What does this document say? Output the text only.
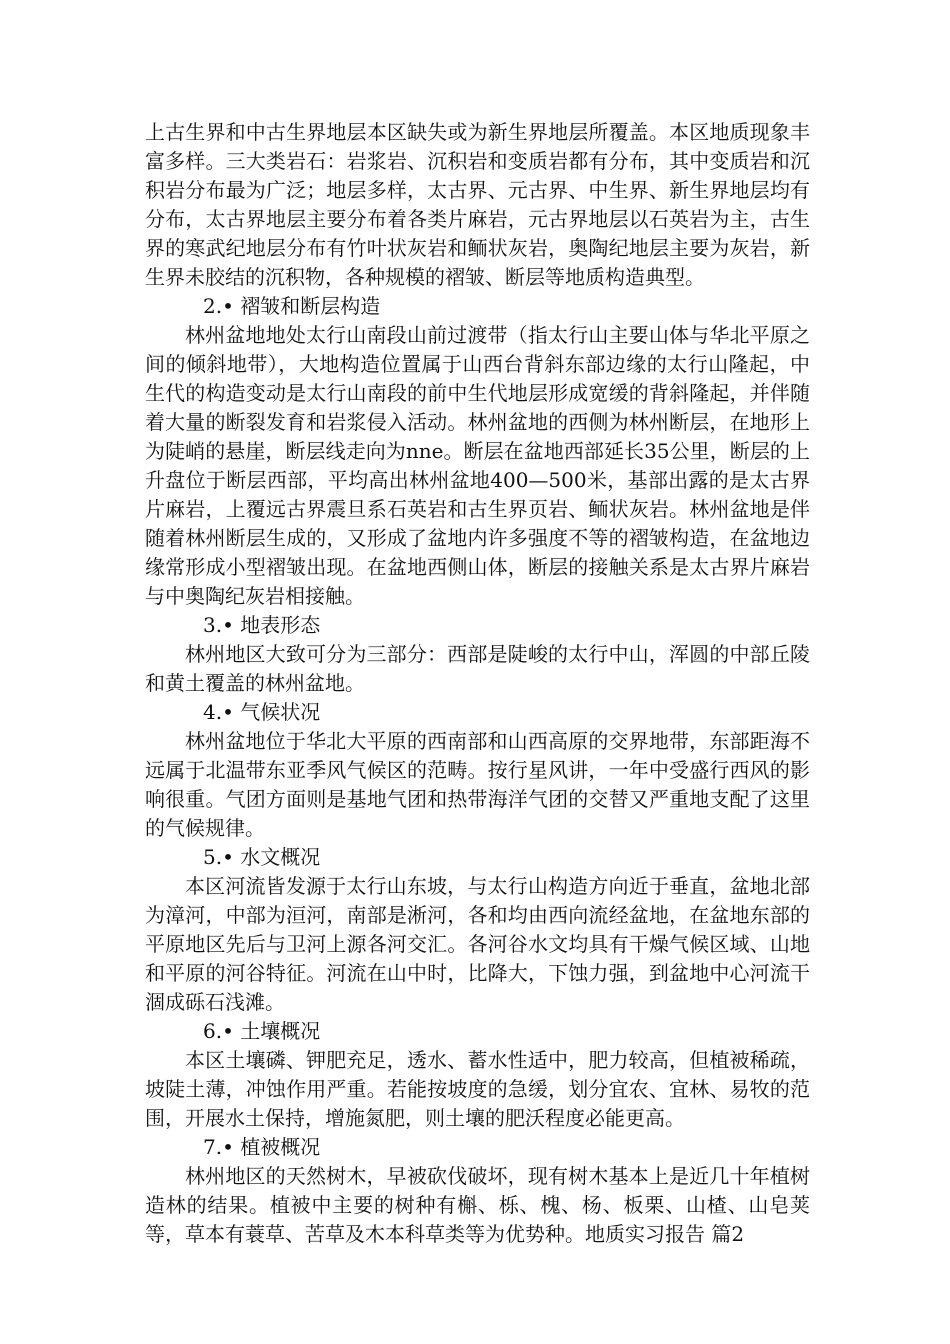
上古生界和中古生界地层本区缺失或为新生界地层所覆盖。本区地质现象丰富多样。三大类岩石：岩浆岩、沉积岩和变质岩都有分布，其中变质岩和沉积岩分布最为广泛；地层多样，太古界、元古界、中生界、新生界地层均有分布，太古界地层主要分布着各类片麻岩，元古界地层以石英岩为主，古生界的寒武纪地层分布有竹叶状灰岩和鲕状灰岩，奥陶纪地层主要为灰岩，新生界未胶结的沉积物，各种规模的褶皱、断层等地质构造典型。

2.• 褶皱和断层构造

林州盆地地处太行山南段山前过渡带（指太行山主要山体与华北平原之间的倾斜地带），大地构造位置属于山西台背斜东部边缘的太行山隆起，中生代的构造变动是太行山南段的前中生代地层形成宽缓的背斜隆起，并伴随着大量的断裂发育和岩浆侵入活动。林州盆地的西侧为林州断层，在地形上为陡峭的悬崖，断层线走向为nne。断层在盆地西部延长35公里，断层的上升盘位于断层西部，平均高出林州盆地400—500米，基部出露的是太古界片麻岩，上覆远古界震旦系石英岩和古生界页岩、鲕状灰岩。林州盆地是伴随着林州断层生成的，又形成了盆地内许多强度不等的褶皱构造，在盆地边缘常形成小型褶皱出现。在盆地西侧山体，断层的接触关系是太古界片麻岩与中奥陶纪灰岩相接触。

3.• 地表形态

林州地区大致可分为三部分：西部是陡峻的太行中山，浑圆的中部丘陵和黄土覆盖的林州盆地。

4.• 气候状况

林州盆地位于华北大平原的西南部和山西高原的交界地带，东部距海不远属于北温带东亚季风气候区的范畴。按行星风讲，一年中受盛行西风的影响很重。气团方面则是基地气团和热带海洋气团的交替又严重地支配了这里的气候规律。

5.• 水文概况

本区河流皆发源于太行山东坡，与太行山构造方向近于垂直，盆地北部为漳河，中部为洹河，南部是淅河，各和均由西向流经盆地，在盆地东部的平原地区先后与卫河上源各河交汇。各河谷水文均具有干燥气候区域、山地和平原的河谷特征。河流在山中时，比降大，下蚀力强，到盆地中心河流干涸成砾石浅滩。

6.• 土壤概况

本区土壤磷、钾肥充足，透水、蓄水性适中，肥力较高，但植被稀疏，坡陡土薄，冲蚀作用严重。若能按坡度的急缓，划分宜农、宜林、易牧的范围，开展水土保持，增施氮肥，则土壤的肥沃程度必能更高。

7.• 植被概况

林州地区的天然树木，早被砍伐破坏，现有树木基本上是近几十年植树造林的结果。植被中主要的树种有槲、栎、槐、杨、板栗、山楂、山皂荚等，草本有蓑草、苦草及木本科草类等为优势种。地质实习报告 篇2
